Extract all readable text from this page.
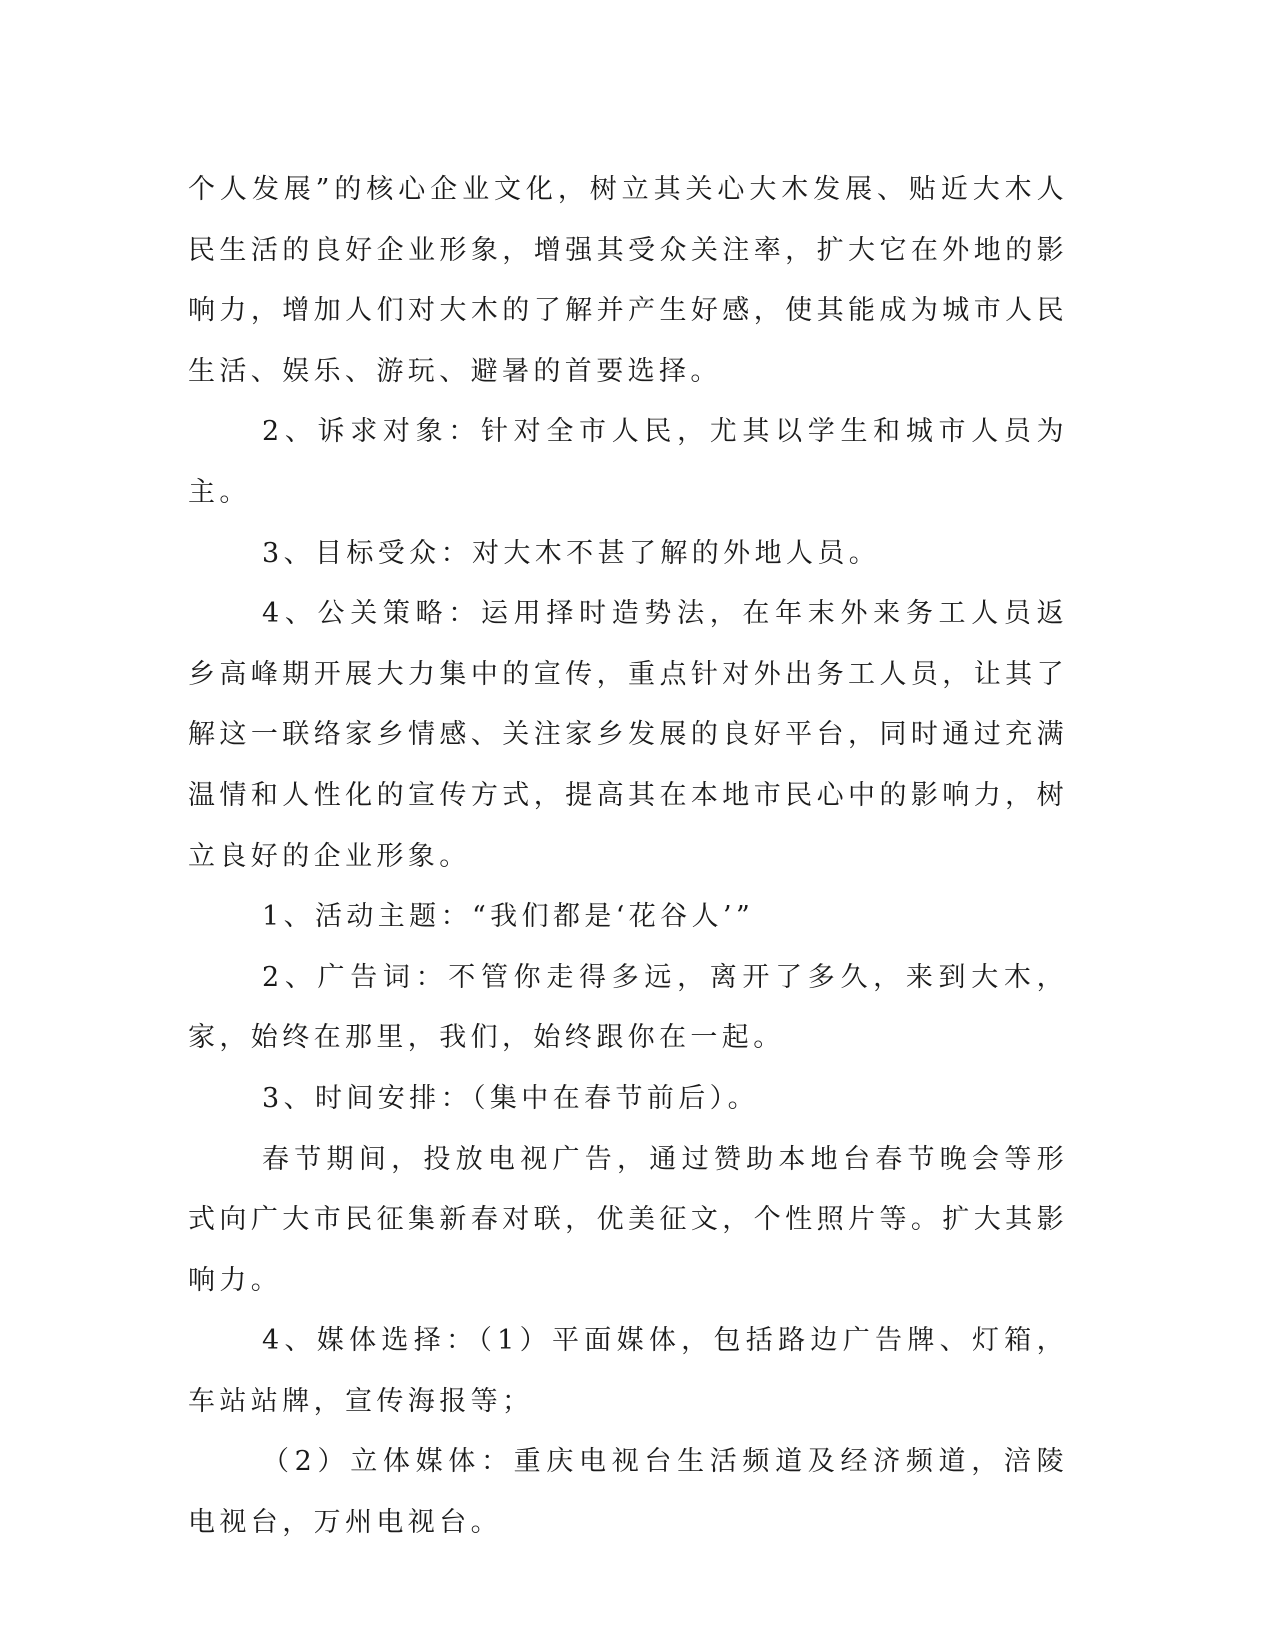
个人发展”的核心企业文化，树立其关心大木发展、贴近大木人民生活的良好企业形象，增强其受众关注率，扩大它在外地的影响力，增加人们对大木的了解并产生好感，使其能成为城市人民生活、娱乐、游玩、避暑的首要选择。

2、诉求对象：针对全市人民，尤其以学生和城市人员为主。

3、目标受众：对大木不甚了解的外地人员。

4、公关策略：运用择时造势法，在年末外来务工人员返乡高峰期开展大力集中的宣传，重点针对外出务工人员，让其了解这一联络家乡情感、关注家乡发展的良好平台，同时通过充满温情和人性化的宣传方式，提高其在本地市民心中的影响力，树立良好的企业形象。

1、活动主题：“我们都是‘花谷人’”

2、广告词：不管你走得多远，离开了多久，来到大木，家，始终在那里，我们，始终跟你在一起。

3、时间安排：（集中在春节前后）。

春节期间，投放电视广告，通过赞助本地台春节晚会等形式向广大市民征集新春对联，优美征文，个性照片等。扩大其影响力。

4、媒体选择：（1）平面媒体，包括路边广告牌、灯箱，车站站牌，宣传海报等；

（2）立体媒体：重庆电视台生活频道及经济频道，涪陵电视台，万州电视台。
